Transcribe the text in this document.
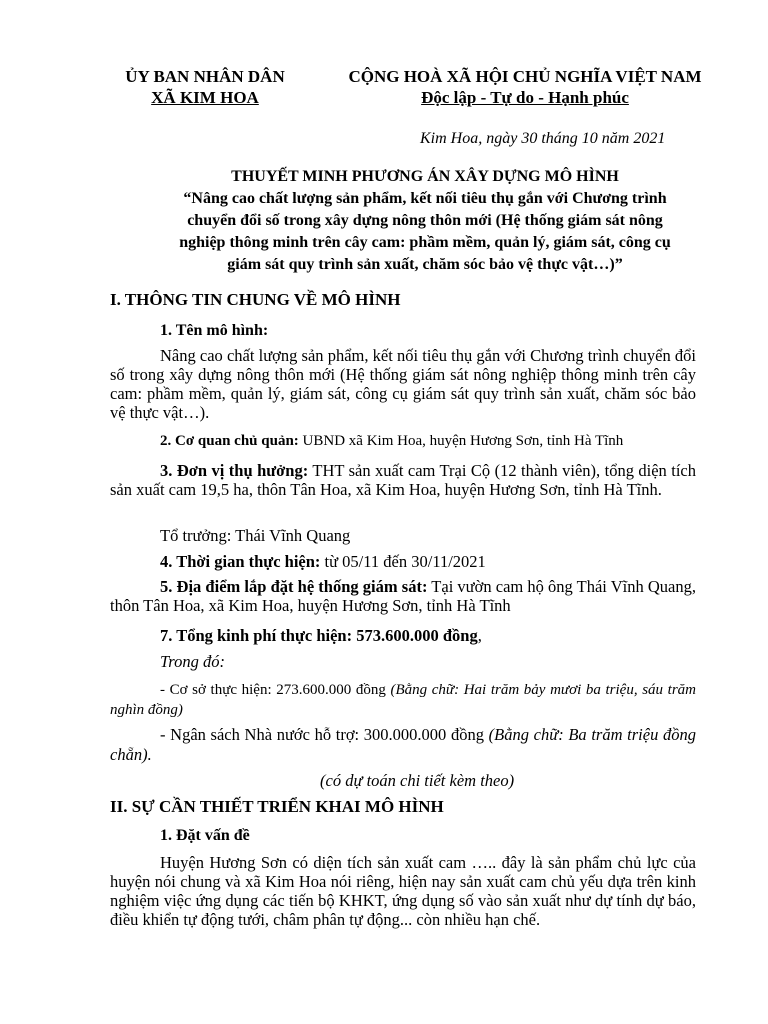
ỦY BAN NHÂN DÂN
XÃ KIM HOA
CỘNG HOÀ XÃ HỘI CHỦ NGHĨA VIỆT NAM
Độc lập - Tự do - Hạnh phúc
Kim Hoa, ngày 30 tháng 10 năm 2021
THUYẾT MINH PHƯƠNG ÁN XÂY DỰNG MÔ HÌNH
“Nâng cao chất lượng sản phẩm, kết nối tiêu thụ gắn với Chương trình
chuyển đổi số trong xây dựng nông thôn mới (Hệ thống giám sát nông
nghiệp thông minh trên cây cam: phầm mềm, quản lý, giám sát, công cụ
giám sát quy trình sản xuất, chăm sóc bảo vệ thực vật…)”
I. THÔNG TIN CHUNG VỀ MÔ HÌNH
1. Tên mô hình:
Nâng cao chất lượng sản phẩm, kết nối tiêu thụ gắn với Chương trình chuyển đổi số trong xây dựng nông thôn mới (Hệ thống giám sát nông nghiệp thông minh trên cây cam: phầm mềm, quản lý, giám sát, công cụ giám sát quy trình sản xuất, chăm sóc bảo vệ thực vật…).
2. Cơ quan chủ quản: UBND xã Kim Hoa, huyện Hương Sơn, tỉnh Hà Tĩnh
3. Đơn vị thụ hưởng: THT sản xuất cam Trại Cộ (12 thành viên), tổng diện tích sản xuất cam 19,5 ha, thôn Tân Hoa, xã Kim Hoa, huyện Hương Sơn, tỉnh Hà Tĩnh.
Tổ trưởng: Thái Vĩnh Quang
4. Thời gian thực hiện: từ 05/11 đến 30/11/2021
5. Địa điểm lắp đặt hệ thống giám sát: Tại vườn cam hộ ông Thái Vĩnh Quang, thôn Tân Hoa, xã Kim Hoa, huyện Hương Sơn, tỉnh Hà Tĩnh
7. Tổng kinh phí thực hiện: 573.600.000 đồng,
Trong đó:
- Cơ sở thực hiện: 273.600.000 đồng (Bằng chữ: Hai trăm bảy mươi ba triệu, sáu trăm nghìn đồng)
- Ngân sách Nhà nước hỗ trợ: 300.000.000 đồng (Bằng chữ: Ba trăm triệu đồng chẵn).
(có dự toán chi tiết kèm theo)
II. SỰ CẦN THIẾT TRIỂN KHAI MÔ HÌNH
1. Đặt vấn đề
Huyện Hương Sơn có diện tích sản xuất cam ….. đây là sản phẩm chủ lực của huyện nói chung và xã Kim Hoa nói riêng, hiện nay sản xuất cam chủ yếu dựa trên kinh nghiệm việc ứng dụng các tiến bộ KHKT, ứng dụng số vào sản xuất như dự tính dự báo, điều khiển tự động tưới, châm phân tự động... còn nhiều hạn chế.
